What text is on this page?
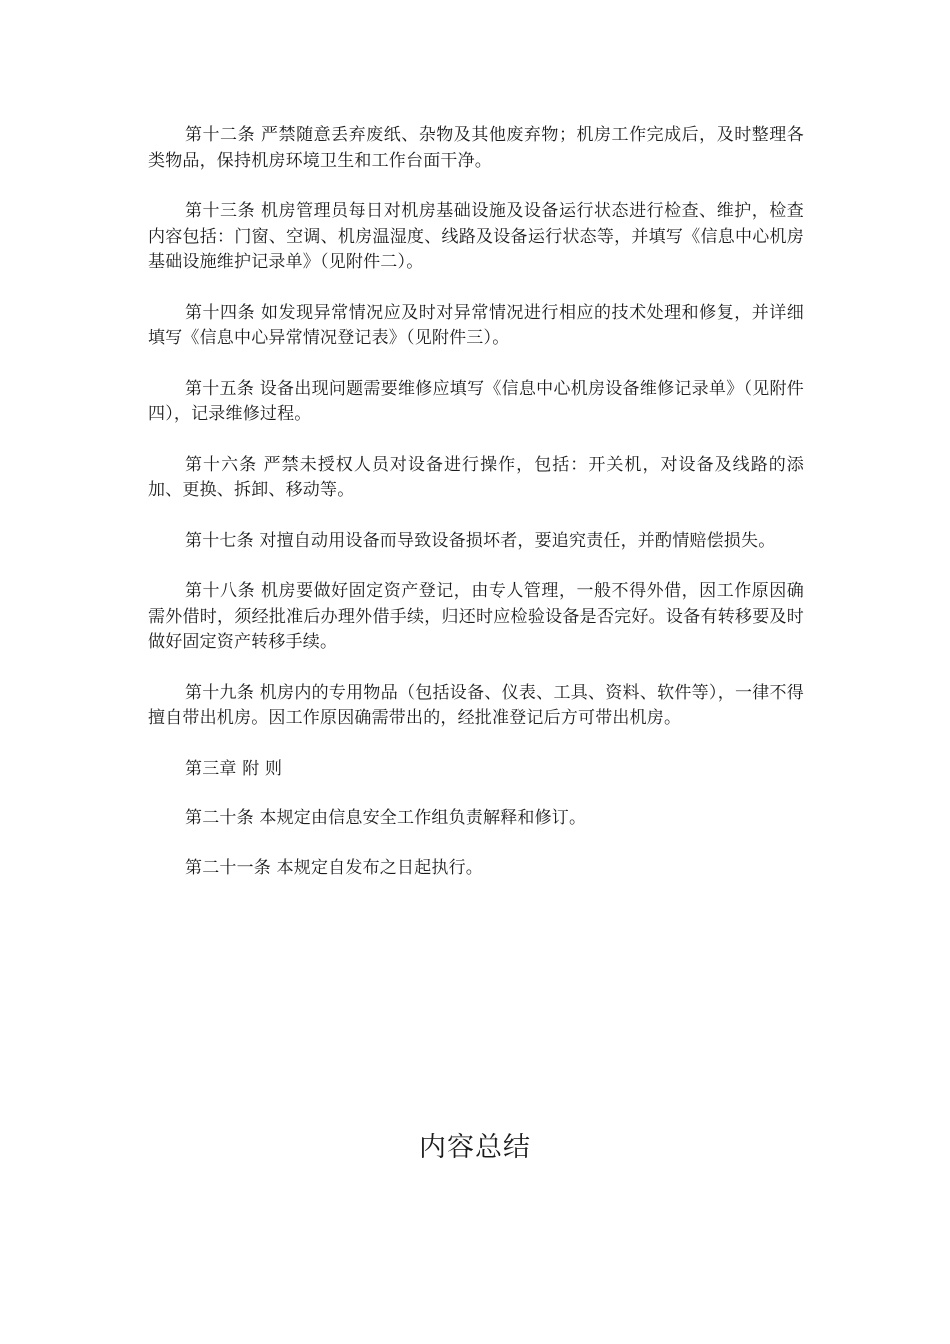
第十二条 严禁随意丢弃废纸、杂物及其他废弃物；机房工作完成后，及时整理各类物品，保持机房环境卫生和工作台面干净。

第十三条 机房管理员每日对机房基础设施及设备运行状态进行检查、维护，检查内容包括：门窗、空调、机房温湿度、线路及设备运行状态等，并填写《信息中心机房基础设施维护记录单》（见附件二）。

第十四条 如发现异常情况应及时对异常情况进行相应的技术处理和修复，并详细填写《信息中心异常情况登记表》（见附件三）。

第十五条 设备出现问题需要维修应填写《信息中心机房设备维修记录单》（见附件四），记录维修过程。

第十六条 严禁未授权人员对设备进行操作，包括：开关机，对设备及线路的添加、更换、拆卸、移动等。

第十七条 对擅自动用设备而导致设备损坏者，要追究责任，并酌情赔偿损失。

第十八条 机房要做好固定资产登记，由专人管理，一般不得外借，因工作原因确需外借时，须经批准后办理外借手续，归还时应检验设备是否完好。设备有转移要及时做好固定资产转移手续。

第十九条 机房内的专用物品（包括设备、仪表、工具、资料、软件等），一律不得擅自带出机房。因工作原因确需带出的，经批准登记后方可带出机房。

第三章 附 则

第二十条 本规定由信息安全工作组负责解释和修订。

第二十一条 本规定自发布之日起执行。

内容总结
